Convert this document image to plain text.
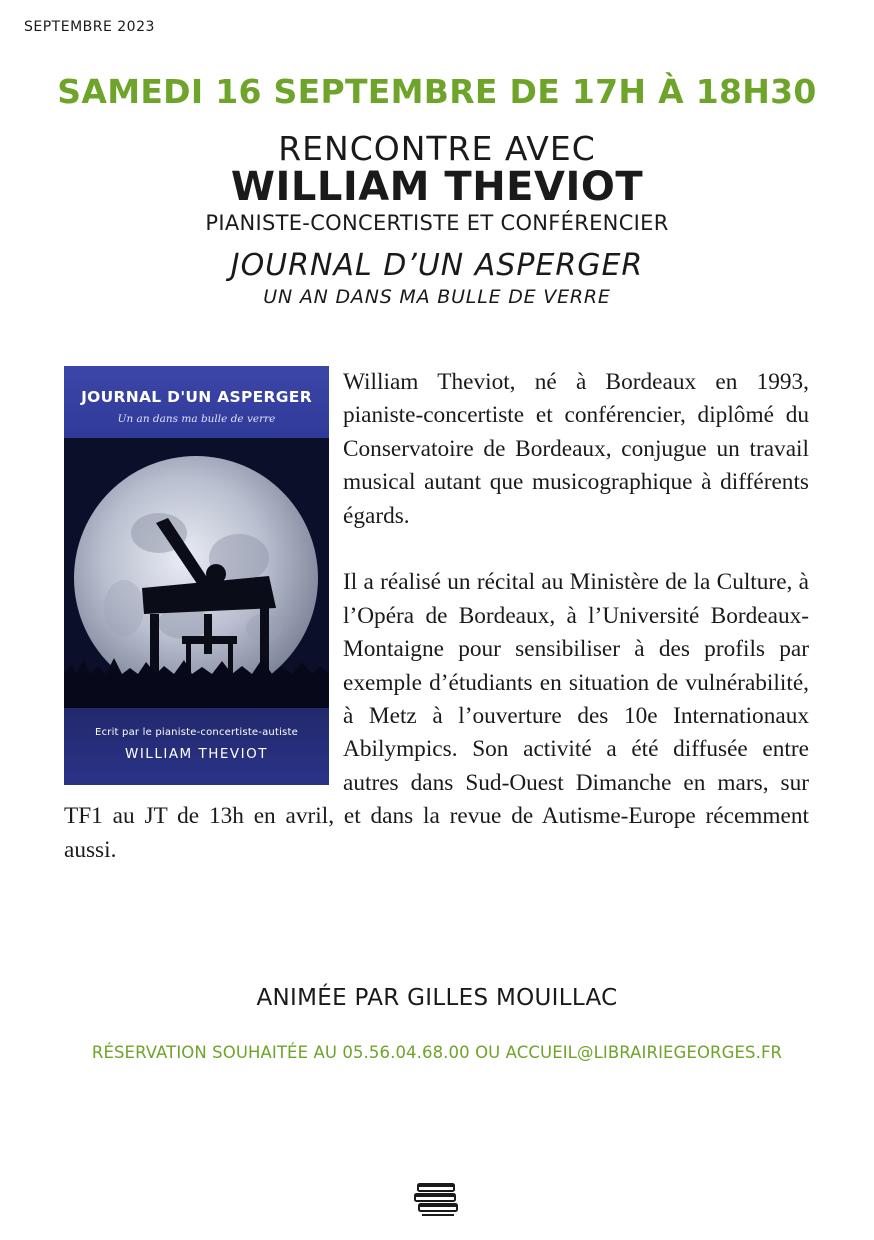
SEPTEMBRE 2023
SAMEDI 16 SEPTEMBRE DE 17H À 18H30
RENCONTRE AVEC
WILLIAM THEVIOT
PIANISTE-CONCERTISTE ET CONFÉRENCIER
JOURNAL D’UN ASPERGER
UN AN DANS MA BULLE DE VERRE
JOURNAL D'UN ASPERGER
Un an dans ma bulle de verre
Ecrit par le pianiste-concertiste-autiste
WILLIAM THEVIOT

William Theviot, né à Bordeaux en 1993, pianiste-concertiste et conférencier, diplômé du Conservatoire de Bordeaux, conjugue un travail musical autant que musicographique à différents égards.

Il a réalisé un récital au Ministère de la Culture, à l’Opéra de Bordeaux, à l’Université Bordeaux-Montaigne pour sensibiliser à des profils par exemple d’étudiants en situation de vulnérabilité, à Metz à l’ouverture des 10e Internationaux Abilympics. Son activité a été diffusée entre autres dans Sud-Ouest Dimanche en mars, sur TF1 au JT de 13h en avril, et dans la revue de Autisme-Europe récemment aussi.

ANIMÉE PAR GILLES MOUILLAC
RÉSERVATION SOUHAITÉE AU 05.56.04.68.00 OU ACCUEIL@LIBRAIRIEGEORGES.FR
